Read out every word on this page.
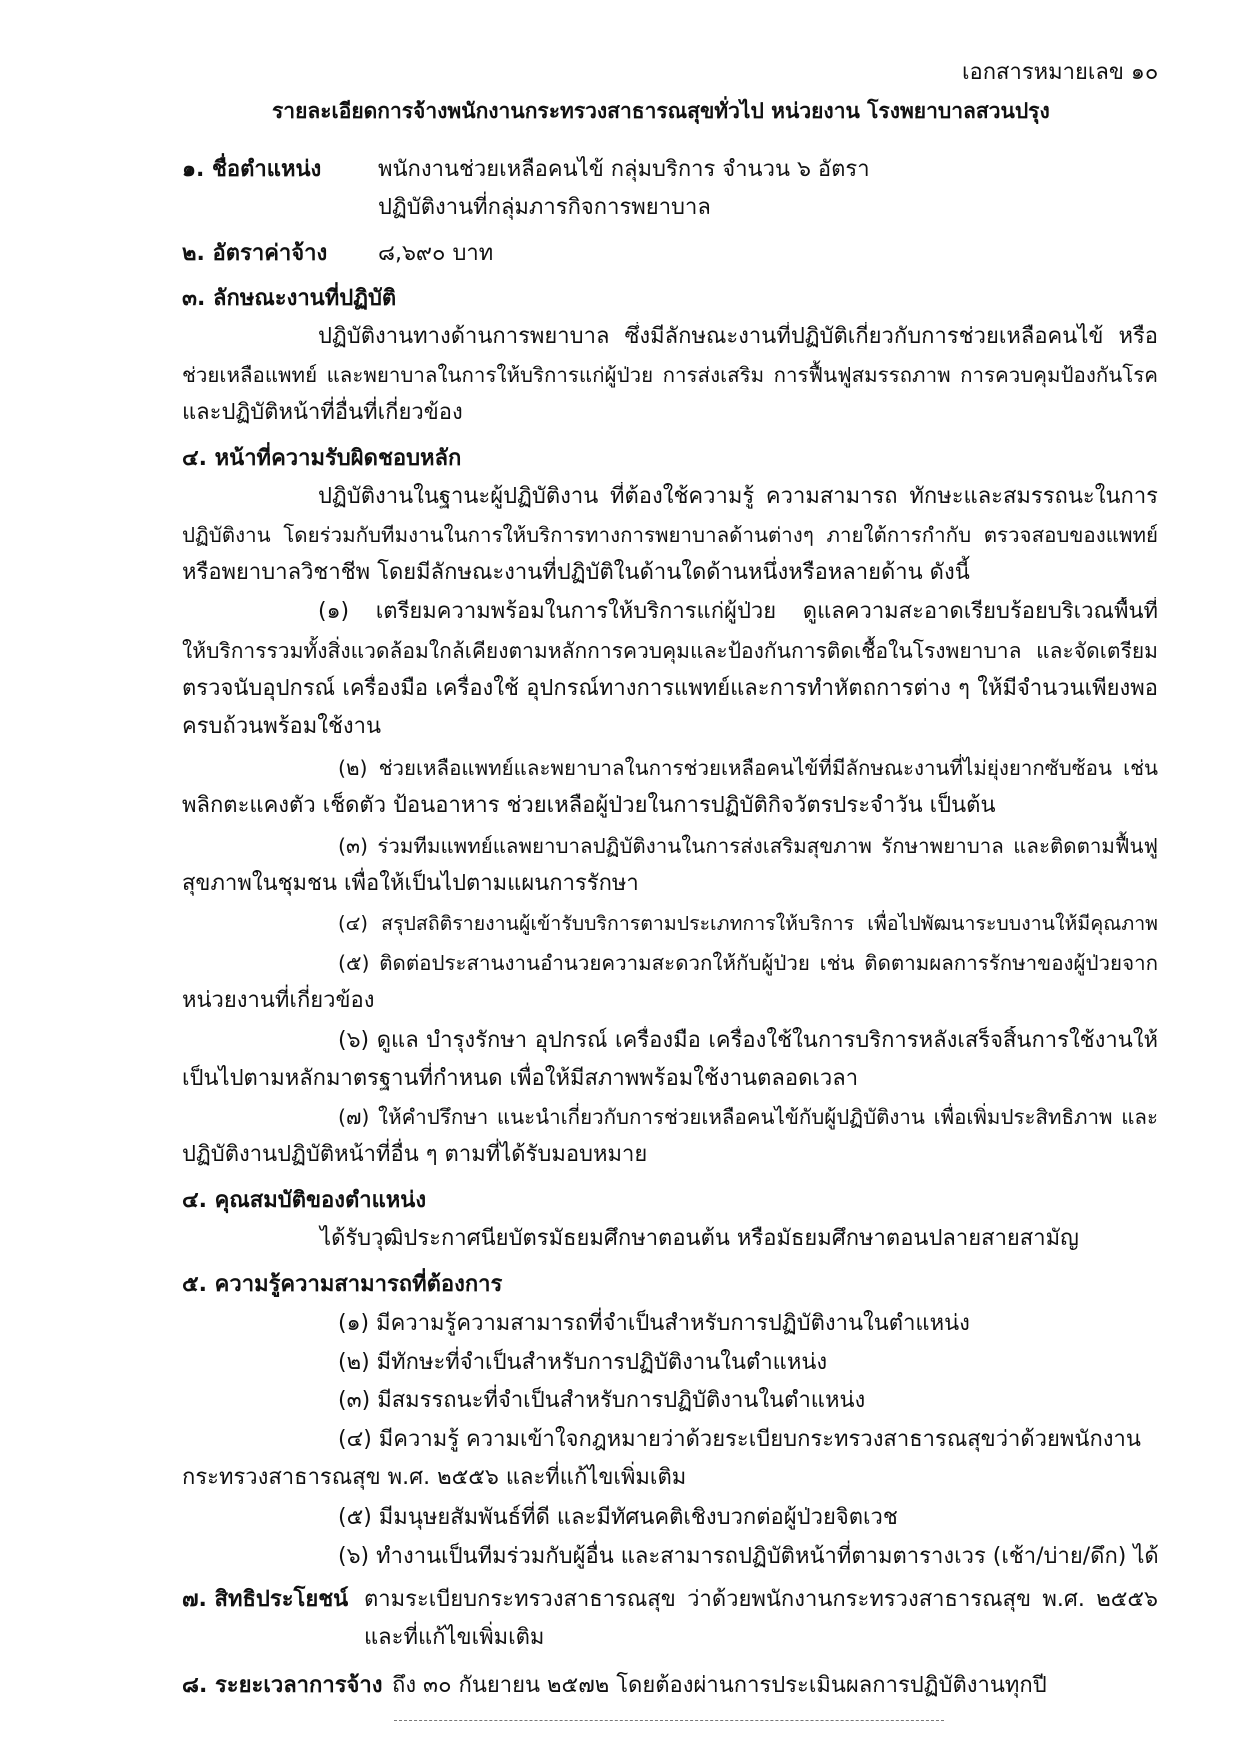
เอกสารหมายเลข ๑๐
รายละเอียดการจ้างพนักงานกระทรวงสาธารณสุขทั่วไป หน่วยงาน โรงพยาบาลสวนปรุง
๑. ชื่อตำแหน่ง	พนักงานช่วยเหลือคนไข้ กลุ่มบริการ จำนวน ๖ อัตรา
ปฏิบัติงานที่กลุ่มภารกิจการพยาบาล
๒. อัตราค่าจ้าง ๘,๖๙๐ บาท
๓. ลักษณะงานที่ปฏิบัติ
ปฏิบัติงานทางด้านการพยาบาล ซึ่งมีลักษณะงานที่ปฏิบัติเกี่ยวกับการช่วยเหลือคนไข้ หรือ
ช่วยเหลือแพทย์ และพยาบาลในการให้บริการแก่ผู้ป่วย การส่งเสริม การฟื้นฟูสมรรถภาพ การควบคุมป้องกันโรค
และปฏิบัติหน้าที่อื่นที่เกี่ยวข้อง
๔. หน้าที่ความรับผิดชอบหลัก
ปฏิบัติงานในฐานะผู้ปฏิบัติงาน ที่ต้องใช้ความรู้ ความสามารถ ทักษะและสมรรถนะในการ
ปฏิบัติงาน โดยร่วมกับทีมงานในการให้บริการทางการพยาบาลด้านต่างๆ ภายใต้การกำกับ ตรวจสอบของแพทย์
หรือพยาบาลวิชาชีพ โดยมีลักษณะงานที่ปฏิบัติในด้านใดด้านหนึ่งหรือหลายด้าน ดังนี้
(๑) เตรียมความพร้อมในการให้บริการแก่ผู้ป่วย ดูแลความสะอาดเรียบร้อยบริเวณพื้นที่
ให้บริการรวมทั้งสิ่งแวดล้อมใกล้เคียงตามหลักการควบคุมและป้องกันการติดเชื้อในโรงพยาบาล และจัดเตรียม
ตรวจนับอุปกรณ์ เครื่องมือ เครื่องใช้ อุปกรณ์ทางการแพทย์และการทำหัตถการต่าง ๆ ให้มีจำนวนเพียงพอ
ครบถ้วนพร้อมใช้งาน
(๒) ช่วยเหลือแพทย์และพยาบาลในการช่วยเหลือคนไข้ที่มีลักษณะงานที่ไม่ยุ่งยากซับซ้อน เช่น
พลิกตะแคงตัว เช็ดตัว ป้อนอาหาร ช่วยเหลือผู้ป่วยในการปฏิบัติกิจวัตรประจำวัน เป็นต้น
(๓) ร่วมทีมแพทย์แลพยาบาลปฏิบัติงานในการส่งเสริมสุขภาพ รักษาพยาบาล และติดตามฟื้นฟู
สุขภาพในชุมชน เพื่อให้เป็นไปตามแผนการรักษา
(๔) สรุปสถิติรายงานผู้เข้ารับบริการตามประเภทการให้บริการ เพื่อไปพัฒนาระบบงานให้มีคุณภาพ
(๕) ติดต่อประสานงานอำนวยความสะดวกให้กับผู้ป่วย เช่น ติดตามผลการรักษาของผู้ป่วยจาก
หน่วยงานที่เกี่ยวข้อง
(๖) ดูแล บำรุงรักษา อุปกรณ์ เครื่องมือ เครื่องใช้ในการบริการหลังเสร็จสิ้นการใช้งานให้
เป็นไปตามหลักมาตรฐานที่กำหนด เพื่อให้มีสภาพพร้อมใช้งานตลอดเวลา
(๗) ให้คำปรึกษา แนะนำเกี่ยวกับการช่วยเหลือคนไข้กับผู้ปฏิบัติงาน เพื่อเพิ่มประสิทธิภาพ และ
ปฏิบัติงานปฏิบัติหน้าที่อื่น ๆ ตามที่ได้รับมอบหมาย
๔. คุณสมบัติของตำแหน่ง
ได้รับวุฒิประกาศนียบัตรมัธยมศึกษาตอนต้น หรือมัธยมศึกษาตอนปลายสายสามัญ
๕. ความรู้ความสามารถที่ต้องการ
(๑) มีความรู้ความสามารถที่จำเป็นสำหรับการปฏิบัติงานในตำแหน่ง
(๒) มีทักษะที่จำเป็นสำหรับการปฏิบัติงานในตำแหน่ง
(๓) มีสมรรถนะที่จำเป็นสำหรับการปฏิบัติงานในตำแหน่ง
(๔) มีความรู้ ความเข้าใจกฎหมายว่าด้วยระเบียบกระทรวงสาธารณสุขว่าด้วยพนักงาน
กระทรวงสาธารณสุข พ.ศ. ๒๕๕๖ และที่แก้ไขเพิ่มเติม
(๕) มีมนุษยสัมพันธ์ที่ดี และมีทัศนคติเชิงบวกต่อผู้ป่วยจิตเวช
(๖) ทำงานเป็นทีมร่วมกับผู้อื่น และสามารถปฏิบัติหน้าที่ตามตารางเวร (เช้า/บ่าย/ดึก) ได้
๗. สิทธิประโยชน์ ตามระเบียบกระทรวงสาธารณสุข ว่าด้วยพนักงานกระทรวงสาธารณสุข พ.ศ. ๒๕๕๖
และที่แก้ไขเพิ่มเติม
๘. ระยะเวลาการจ้าง ถึง ๓๐ กันยายน ๒๕๗๒ โดยต้องผ่านการประเมินผลการปฏิบัติงานทุกปี
